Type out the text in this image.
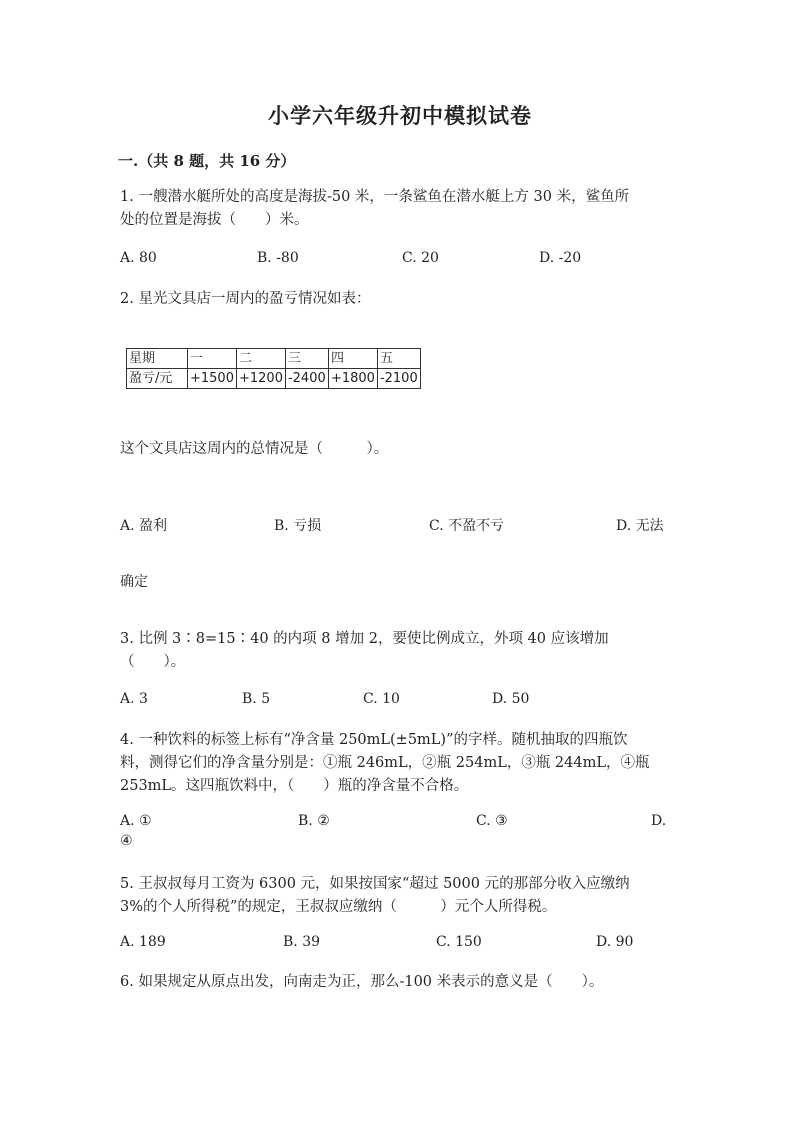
小学六年级升初中模拟试卷
一.（共 8 题，共 16 分）
1. 一艘潜水艇所处的高度是海拔-50 米，一条鲨鱼在潜水艇上方 30 米，鲨鱼所
处的位置是海拔（　　）米。
A. 80	B. -80	C. 20	D. -20
2. 星光文具店一周内的盈亏情况如表：
星期	一	二	三	四	五
盈亏/元	+1500	+1200	-2400	+1800	-2100
这个文具店这周内的总情况是（　　　）。
A. 盈利	B. 亏损	C. 不盈不亏	D. 无法
确定
3. 比例 3∶8=15∶40 的内项 8 增加 2，要使比例成立，外项 40 应该增加
（　　）。
A. 3	B. 5	C. 10	D. 50
4. 一种饮料的标签上标有“净含量 250mL(±5mL)”的字样。随机抽取的四瓶饮
料，测得它们的净含量分别是：①瓶 246mL，②瓶 254mL，③瓶 244mL，④瓶
253mL。这四瓶饮料中，（　　）瓶的净含量不合格。
A. ①	B. ②	C. ③	D.
④
5. 王叔叔每月工资为 6300 元，如果按国家“超过 5000 元的那部分收入应缴纳
3%的个人所得税”的规定，王叔叔应缴纳（　　　）元个人所得税。
A. 189	B. 39	C. 150	D. 90
6. 如果规定从原点出发，向南走为正，那么-100 米表示的意义是（　　）。
